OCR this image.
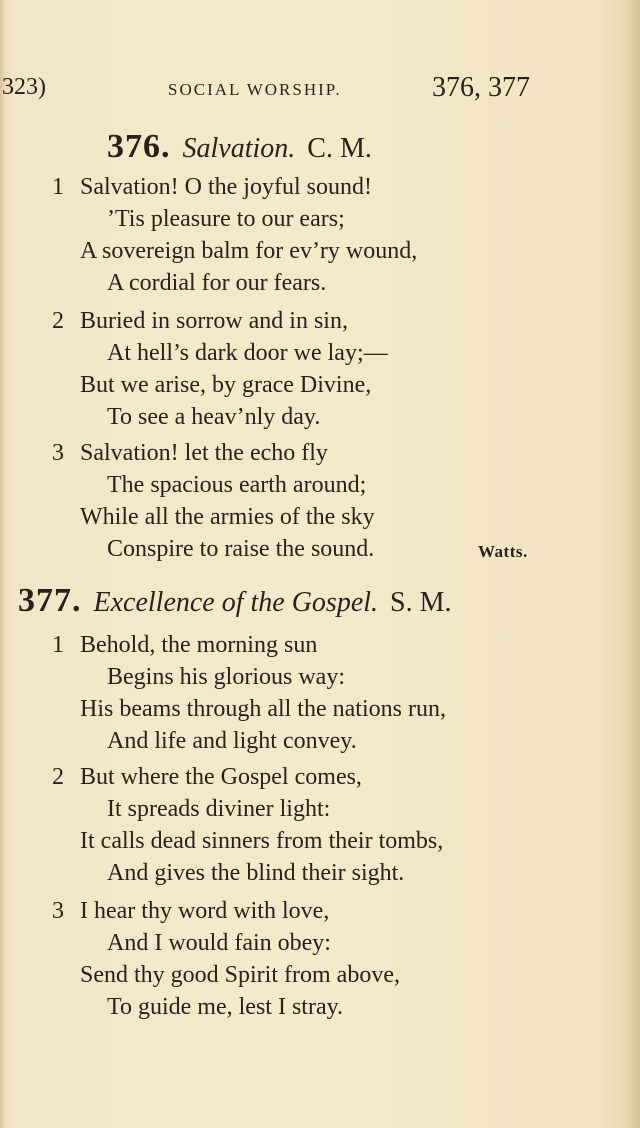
323)	SOCIAL WORSHIP.	376, 377
376. Salvation. C. M.
1 Salvation! O the joyful sound!
’Tis pleasure to our ears;
A sovereign balm for ev’ry wound,
A cordial for our fears.
2 Buried in sorrow and in sin,
At hell’s dark door we lay;—
But we arise, by grace Divine,
To see a heav’nly day.
3 Salvation! let the echo fly
The spacious earth around;
While all the armies of the sky
Conspire to raise the sound.	Watts.
377. Excellence of the Gospel. S. M.
1 Behold, the morning sun
Begins his glorious way:
His beams through all the nations run,
And life and light convey.
2 But where the Gospel comes,
It spreads diviner light:
It calls dead sinners from their tombs,
And gives the blind their sight.
3 I hear thy word with love,
And I would fain obey:
Send thy good Spirit from above,
To guide me, lest I stray.
